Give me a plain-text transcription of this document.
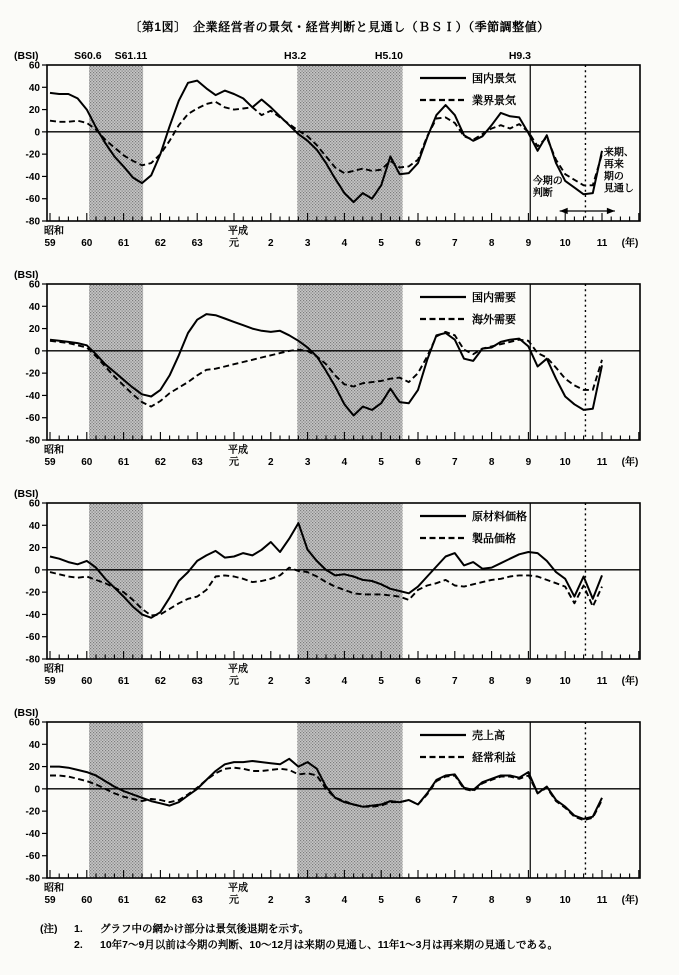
〔第1図〕　企業経営者の景気・経営判断と見通し（ＢＳＩ）（季節調整値）
60
40
20
0
-20
-40
-60
-80
(BSI)
59	60	61	62	63	元	2	3	4	5	6	7	8	9	10	11
昭和	平成
(年)
S60.6 S61.11	H3.2	H5.10	H9.3
国内景気
業界景気
今期の
判断
来期、
再来
期の
見通し
60
40
20
0
-20
-40
-60
-80
(BSI)
59	60	61	62	63	元	2	3	4	5	6	7	8	9	10	11
昭和	平成
(年)
国内需要
海外需要
60
40
20
0
-20
-40
-60
-80
(BSI)
59	60	61	62	63	元	2	3	4	5	6	7	8	9	10	11
昭和	平成
(年)
原材料価格
製品価格
60
40
20
0
-20
-40
-60
-80
(BSI)
59	60	61	62	63	元	2	3	4	5	6	7	8	9	10	11
昭和	平成
(年)
売上高
経常利益
(注)	1.	グラフ中の網かけ部分は景気後退期を示す。
2.	10年7～9月以前は今期の判断、10～12月は来期の見通し、11年1～3月は再来期の見通しである。
